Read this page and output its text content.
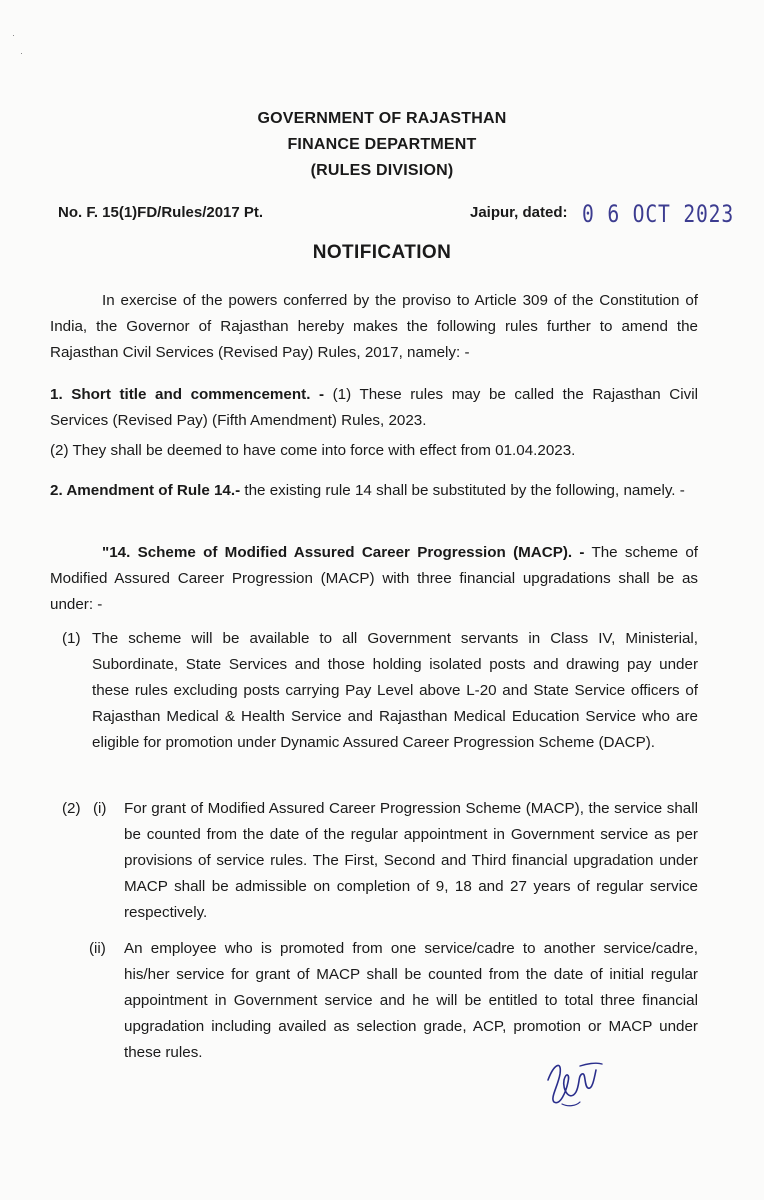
·
·
GOVERNMENT OF RAJASTHAN
FINANCE DEPARTMENT
(RULES DIVISION)
No. F. 15(1)FD/Rules/2017 Pt.	Jaipur, dated: 0 6 OCT 2023
NOTIFICATION
In exercise of the powers conferred by the proviso to Article 309 of the Constitution of India, the Governor of Rajasthan hereby makes the following rules further to amend the Rajasthan Civil Services (Revised Pay) Rules, 2017, namely: -
1. Short title and commencement. - (1) These rules may be called the Rajasthan Civil Services (Revised Pay) (Fifth Amendment) Rules, 2023.
(2) They shall be deemed to have come into force with effect from 01.04.2023.
2. Amendment of Rule 14.- the existing rule 14 shall be substituted by the following, namely. -
"14. Scheme of Modified Assured Career Progression (MACP). - The scheme of Modified Assured Career Progression (MACP) with three financial upgradations shall be as under: -
(1) The scheme will be available to all Government servants in Class IV, Ministerial, Subordinate, State Services and those holding isolated posts and drawing pay under these rules excluding posts carrying Pay Level above L-20 and State Service officers of Rajasthan Medical & Health Service and Rajasthan Medical Education Service who are eligible for promotion under Dynamic Assured Career Progression Scheme (DACP).
(2) (i) For grant of Modified Assured Career Progression Scheme (MACP), the service shall be counted from the date of the regular appointment in Government service as per provisions of service rules. The First, Second and Third financial upgradation under MACP shall be admissible on completion of 9, 18 and 27 years of regular service respectively.
(ii) An employee who is promoted from one service/cadre to another service/cadre, his/her service for grant of MACP shall be counted from the date of initial regular appointment in Government service and he will be entitled to total three financial upgradation including availed as selection grade, ACP, promotion or MACP under these rules.
